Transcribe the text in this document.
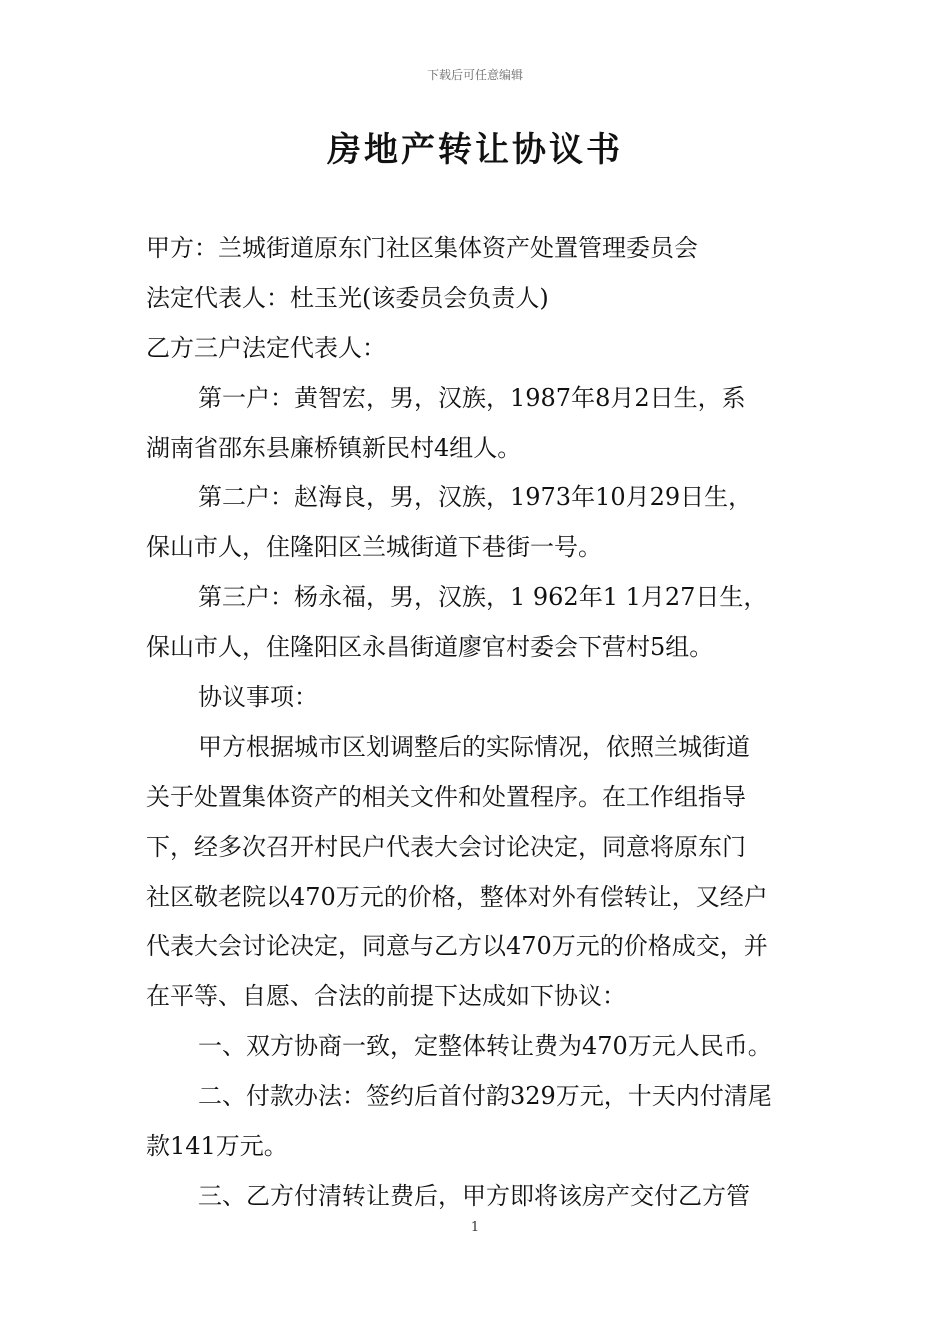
下载后可任意编辑
房地产转让协议书
甲方：兰城街道原东门社区集体资产处置管理委员会
法定代表人：杜玉光(该委员会负责人)
乙方三户法定代表人：
第一户：黄智宏，男，汉族，1987年8月2日生，系
湖南省邵东县廉桥镇新民村4组人。
第二户：赵海良，男，汉族，1973年10月29日生，
保山市人，住隆阳区兰城街道下巷街一号。
第三户：杨永福，男，汉族，1 962年1 1月27日生，
保山市人，住隆阳区永昌街道廖官村委会下营村5组。
协议事项：
甲方根据城市区划调整后的实际情况，依照兰城街道
关于处置集体资产的相关文件和处置程序。在工作组指导
下，经多次召开村民户代表大会讨论决定，同意将原东门
社区敬老院以470万元的价格，整体对外有偿转让，又经户
代表大会讨论决定，同意与乙方以470万元的价格成交，并
在平等、自愿、合法的前提下达成如下协议：
一、双方协商一致，定整体转让费为470万元人民币。
二、付款办法：签约后首付韵329万元，十天内付清尾
款141万元。
三、乙方付清转让费后，甲方即将该房产交付乙方管
1
